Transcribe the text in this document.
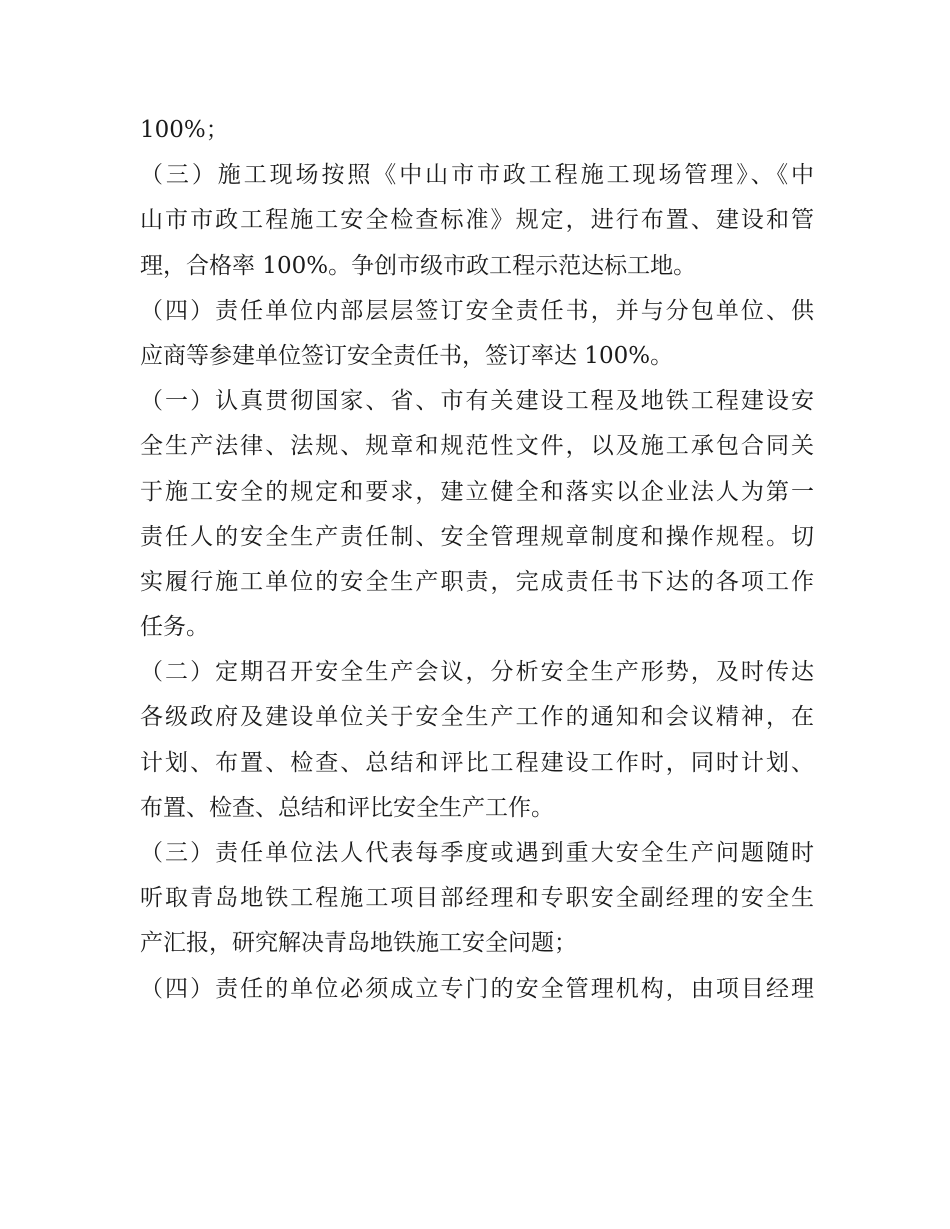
100%；
（三）施工现场按照《中山市市政工程施工现场管理》、《中
山市市政工程施工安全检查标准》规定，进行布置、建设和管
理，合格率 100%。争创市级市政工程示范达标工地。
（四）责任单位内部层层签订安全责任书，并与分包单位、供
应商等参建单位签订安全责任书，签订率达 100%。
（一）认真贯彻国家、省、市有关建设工程及地铁工程建设安
全生产法律、法规、规章和规范性文件，以及施工承包合同关
于施工安全的规定和要求，建立健全和落实以企业法人为第一
责任人的安全生产责任制、安全管理规章制度和操作规程。切
实履行施工单位的安全生产职责，完成责任书下达的各项工作
任务。
（二）定期召开安全生产会议，分析安全生产形势，及时传达
各级政府及建设单位关于安全生产工作的通知和会议精神，在
计划、布置、检查、总结和评比工程建设工作时，同时计划、
布置、检查、总结和评比安全生产工作。
（三）责任单位法人代表每季度或遇到重大安全生产问题随时
听取青岛地铁工程施工项目部经理和专职安全副经理的安全生
产汇报，研究解决青岛地铁施工安全问题；
（四）责任的单位必须成立专门的安全管理机构，由项目经理
